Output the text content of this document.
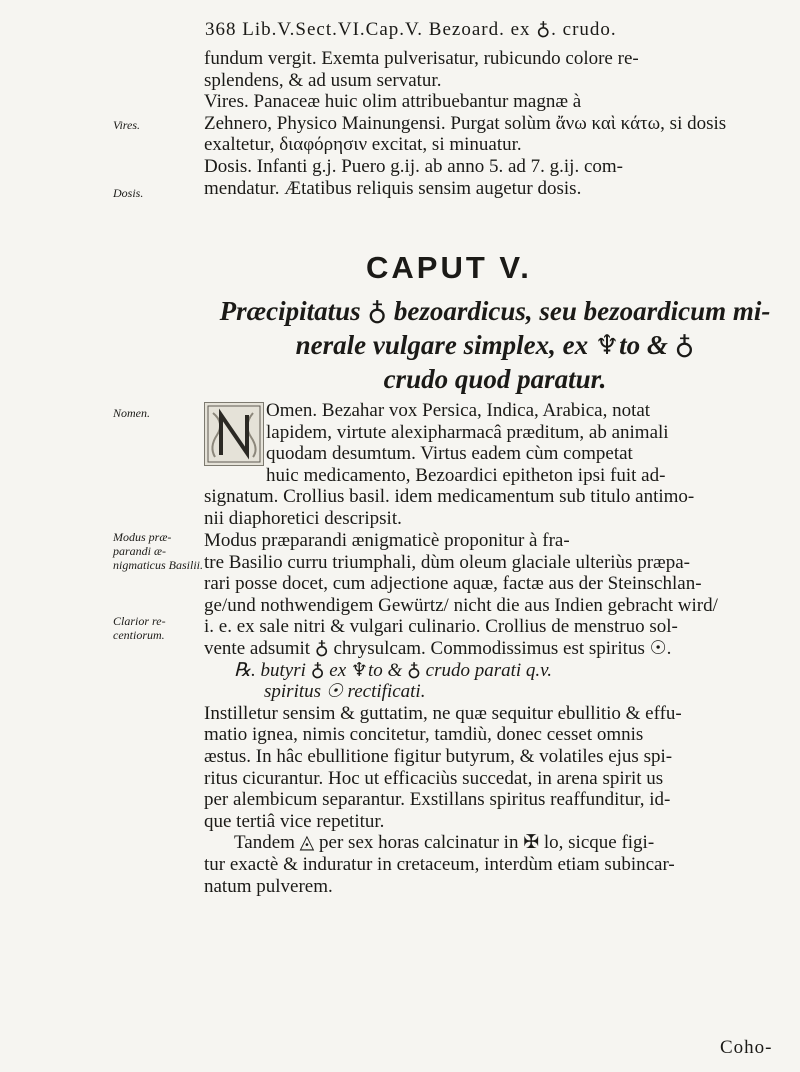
368 Lib.V.Sect.VI.Cap.V. Bezoard. ex ♁. crudo.
fundum vergit. Exemta pulverisatur, rubicundo colore re-
splendens, & ad usum servatur.
Vires. Panaceæ huic olim attribuebantur magnæ à
Zehnero, Physico Mainungensi. Purgat solùm ἄνω καὶ κάτω, si dosis
exaltetur, διαφόρησιν excitat, si minuatur.
Dosis. Infanti g.j. Puero g.ij. ab anno 5. ad 7. g.ij. com-
mendatur. Ætatibus reliquis sensim augetur dosis.
Vires.
Dosis.
CAPUT V.
Præcipitatus ♁ bezoardicus, seu bezoardicum mi-
nerale vulgare simplex, ex ♆to & ♁
crudo quod paratur.
Nomen.	Omen. Bezahar vox Persica, Indica, Arabica, notat
lapidem, virtute alexipharmacâ præditum, ab animali
quodam desumtum. Virtus eadem cùm competat
huic medicamento, Bezoardici epitheton ipsi fuit ad-
signatum. Crollius basil. idem medicamentum sub titulo antimo-
nii diaphoretici descripsit.
Modus præ- parandi æ- nigmaticus Basilii.
Clarior re- centiorum.
Modus præparandi ænigmaticè proponitur à fra-
tre Basilio curru triumphali, dùm oleum glaciale ulteriùs præpa-
rari posse docet, cum adjectione aquæ, factæ aus der Steinschlan-
ge/und nothwendigem Gewürtz/ nicht die aus Indien gebracht wird/
i. e. ex sale nitri & vulgari culinario. Crollius de menstruo sol-
vente adsumit ♁ chrysulcam. Commodissimus est spiritus ☉.
℞. butyri ♁ ex ♆to & ♁ crudo parati q.v.
spiritus ☉ rectificati.
Instilletur sensim & guttatim, ne quæ sequitur ebullitio & effu-
matio ignea, nimis concitetur, tamdiù, donec cesset omnis
æstus. In hâc ebullitione figitur butyrum, & volatiles ejus spi-
ritus cicurantur. Hoc ut efficaciùs succedat, in arena spirit us
per alembicum separantur. Exstillans spiritus reaffunditur, id-
que tertiâ vice repetitur.
Tandem ◬ per sex horas calcinatur in ✠ lo, sicque figi-
tur exactè & induratur in cretaceum, interdùm etiam subincar-
natum pulverem.
Coho-
